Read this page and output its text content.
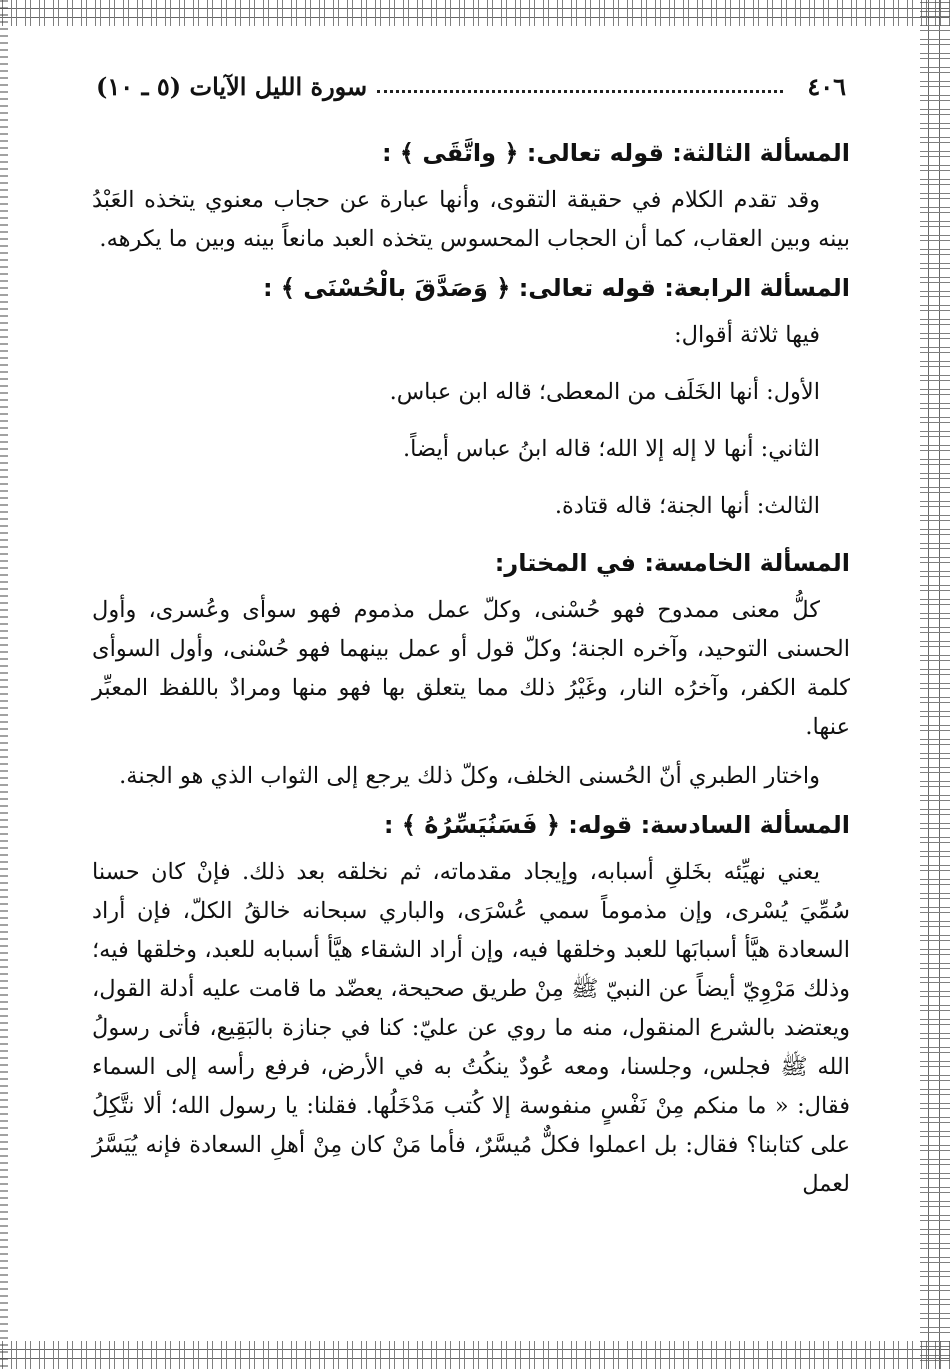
٤٠٦
سورة الليل الآيات (٥ ـ ١٠)
المسألة الثالثة: قوله تعالى: ﴿ واتَّقَى ﴾ :

وقد تقدم الكلام في حقيقة التقوى، وأنها عبارة عن حجاب معنوي يتخذه العَبْدُ بينه وبين العقاب، كما أن الحجاب المحسوس يتخذه العبد مانعاً بينه وبين ما يكرهه.

المسألة الرابعة: قوله تعالى: ﴿ وَصَدَّقَ بالْحُسْنَى ﴾ :

فيها ثلاثة أقوال:

الأول: أنها الخَلَف من المعطى؛ قاله ابن عباس.

الثاني: أنها لا إله إلا الله؛ قاله ابنُ عباس أيضاً.

الثالث: أنها الجنة؛ قاله قتادة.

المسألة الخامسة: في المختار:

كلُّ معنى ممدوح فهو حُسْنى، وكلّ عمل مذموم فهو سوأى وعُسرى، وأول الحسنى التوحيد، وآخره الجنة؛ وكلّ قول أو عمل بينهما فهو حُسْنى، وأول السوأى كلمة الكفر، وآخرُه النار، وغَيْرُ ذلك مما يتعلق بها فهو منها ومرادٌ باللفظ المعبِّر عنها.

واختار الطبري أنّ الحُسنى الخلف، وكلّ ذلك يرجع إلى الثواب الذي هو الجنة.

المسألة السادسة: قوله: ﴿ فَسَنُيَسِّرُهُ ﴾ :

يعني نهيِّئه بخَلقِ أسبابه، وإيجاد مقدماته، ثم نخلقه بعد ذلك. فإنْ كان حسنا سُمِّيَ يُسْرى، وإن مذموماً سمي عُسْرَى، والباري سبحانه خالقُ الكلّ، فإن أراد السعادة هيَّأ أسبابَها للعبد وخلقها فيه، وإن أراد الشقاء هيَّأ أسبابه للعبد، وخلقها فيه؛ وذلك مَرْوِيّ أيضاً عن النبيّ ﷺ مِنْ طريق صحيحة، يعضّد ما قامت عليه أدلة القول، ويعتضد بالشرع المنقول، منه ما روي عن عليّ: كنا في جنازة بالبَقِيع، فأتى رسولُ الله ﷺ فجلس، وجلسنا، ومعه عُودٌ ينكُتُ به في الأرض، فرفع رأسه إلى السماء فقال: « ما منكم مِنْ نَفْسٍ منفوسة إلا كُتب مَدْخَلُها. فقلنا: يا رسول الله؛ ألا نتَّكِلُ على كتابنا؟ فقال: بل اعملوا فكلٌّ مُيسَّرٌ، فأما مَنْ كان مِنْ أهلِ السعادة فإنه يُيَسَّرُ لعمل
